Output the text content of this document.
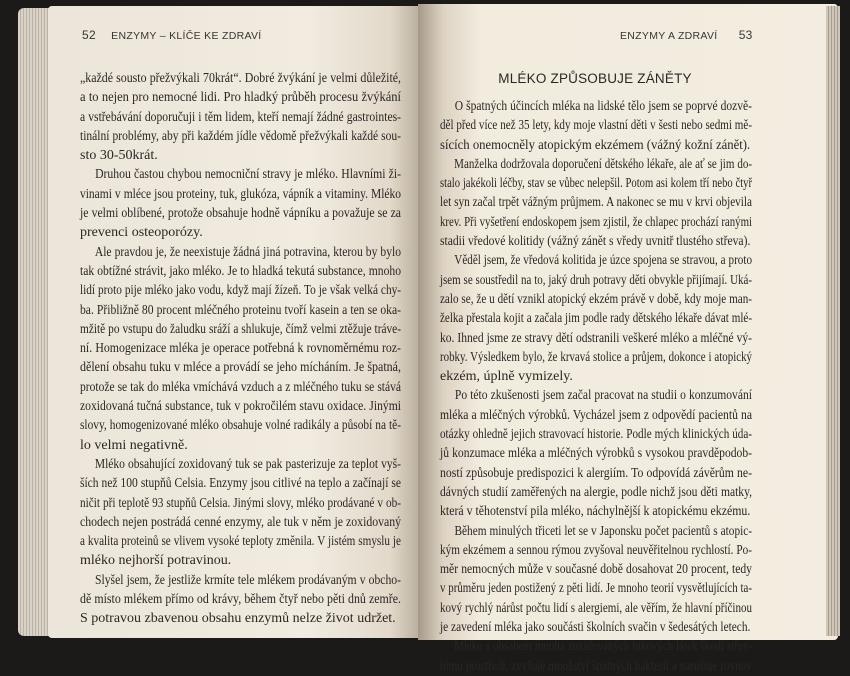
52 ENZYMY – KLÍČE KE ZDRAVÍ	ENZYMY A ZDRAVÍ 53
MLÉKO ZPŮSOBUJE ZÁNĚTY
„každé sousto přežvýkali 70krát“. Dobré žvýkání je velmi důležité,
a to nejen pro nemocné lidi. Pro hladký průběh procesu žvýkání
a vstřebávání doporučuji i těm lidem, kteří nemají žádné gastrointes-
tinální problémy, aby při každém jídle vědomě přežvýkali každé sou-
sto 30-50krát.
Druhou častou chybou nemocniční stravy je mléko. Hlavními ži-
vinami v mléce jsou proteiny, tuk, glukóza, vápník a vitaminy. Mléko
je velmi oblíbené, protože obsahuje hodně vápníku a považuje se za
prevenci osteoporózy.
Ale pravdou je, že neexistuje žádná jiná potravina, kterou by bylo
tak obtížné strávit, jako mléko. Je to hladká tekutá substance, mnoho
lidí proto pije mléko jako vodu, když mají žízeň. To je však velká chy-
ba. Přibližně 80 procent mléčného proteinu tvoří kasein a ten se oka-
mžitě po vstupu do žaludku sráží a shlukuje, čímž velmi ztěžuje tráve-
ní. Homogenizace mléka je operace potřebná k rovnoměrnému roz-
dělení obsahu tuku v mléce a provádí se jeho mícháním. Je špatná,
protože se tak do mléka vmíchává vzduch a z mléčného tuku se stává
zoxidovaná tučná substance, tuk v pokročilém stavu oxidace. Jinými
slovy, homogenizované mléko obsahuje volné radikály a působí na tě-
lo velmi negativně.
Mléko obsahující zoxidovaný tuk se pak pasterizuje za teplot vyš-
ších než 100 stupňů Celsia. Enzymy jsou citlivé na teplo a začínají se
ničit při teplotě 93 stupňů Celsia. Jinými slovy, mléko prodávané v ob-
chodech nejen postrádá cenné enzymy, ale tuk v něm je zoxidovaný
a kvalita proteinů se vlivem vysoké teploty změnila. V jistém smyslu je
mléko nejhorší potravinou.
Slyšel jsem, že jestliže krmíte tele mlékem prodávaným v obcho-
dě místo mlékem přímo od krávy, během čtyř nebo pěti dnů zemře.
S potravou zbavenou obsahu enzymů nelze život udržet.
O špatných účincích mléka na lidské tělo jsem se poprvé dozvě-
děl před více než 35 lety, kdy moje vlastní děti v šesti nebo sedmi mě-
sících onemocněly atopickým ekzémem (vážný kožní zánět).
Manželka dodržovala doporučení dětského lékaře, ale ať se jim do-
stalo jakékoli léčby, stav se vůbec nelepšil. Potom asi kolem tří nebo čtyř
let syn začal trpět vážným průjmem. A nakonec se mu v krvi objevila
krev. Při vyšetření endoskopem jsem zjistil, že chlapec prochází ranými
stadii vředové kolitidy (vážný zánět s vředy uvnitř tlustého střeva).
Věděl jsem, že vředová kolitida je úzce spojena se stravou, a proto
jsem se soustředil na to, jaký druh potravy děti obvykle přijímají. Uká-
zalo se, že u dětí vznikl atopický ekzém právě v době, kdy moje man-
želka přestala kojit a začala jim podle rady dětského lékaře dávat mlé-
ko. Ihned jsme ze stravy dětí odstranili veškeré mléko a mléčné vý-
robky. Výsledkem bylo, že krvavá stolice a průjem, dokonce i atopický
ekzém, úplně vymizely.
Po této zkušenosti jsem začal pracovat na studii o konzumování
mléka a mléčných výrobků. Vycházel jsem z odpovědí pacientů na
otázky ohledně jejich stravovací historie. Podle mých klinických úda-
jů konzumace mléka a mléčných výrobků s vysokou pravděpodob-
ností způsobuje predispozici k alergiím. To odpovídá závěrům ne-
dávných studií zaměřených na alergie, podle nichž jsou děti matky,
která v těhotenství pila mléko, náchylnější k atopickému ekzému.
Během minulých třiceti let se v Japonsku počet pacientů s atopic-
kým ekzémem a sennou rýmou zvyšoval neuvěřitelnou rychlostí. Po-
měr nemocných může v současné době dosahovat 20 procent, tedy
v průměru jeden postižený z pěti lidí. Je mnoho teorií vysvětlujících ta-
kový rychlý nárůst počtu lidí s alergiemi, ale věřím, že hlavní příčinou
je zavedení mléka jako součásti školních svačin v šedesátých letech.
Mléko s obsahem mnoha zoxidovaných tukových látek škodí střev-
nímu prostředí, zvyšuje množství špatných bakterií a narušuje rovnov
